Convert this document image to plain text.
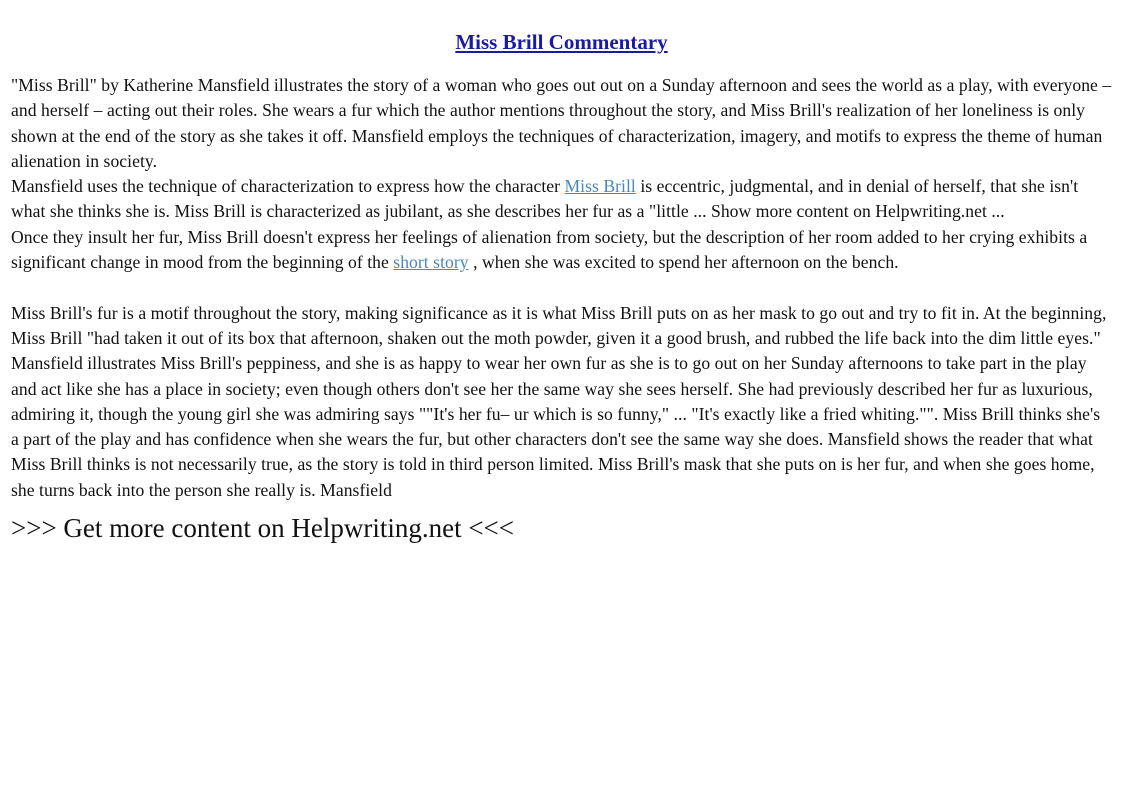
Miss Brill Commentary
"Miss Brill" by Katherine Mansfield illustrates the story of a woman who goes out out on a Sunday afternoon and sees the world as a play, with everyone – and herself – acting out their roles. She wears a fur which the author mentions throughout the story, and Miss Brill's realization of her loneliness is only shown at the end of the story as she takes it off. Mansfield employs the techniques of characterization, imagery, and motifs to express the theme of human alienation in society.
Mansfield uses the technique of characterization to express how the character Miss Brill is eccentric, judgmental, and in denial of herself, that she isn't what she thinks she is. Miss Brill is characterized as jubilant, as she describes her fur as a "little ... Show more content on Helpwriting.net ...
Once they insult her fur, Miss Brill doesn't express her feelings of alienation from society, but the description of her room added to her crying exhibits a significant change in mood from the beginning of the short story , when she was excited to spend her afternoon on the bench.
Miss Brill's fur is a motif throughout the story, making significance as it is what Miss Brill puts on as her mask to go out and try to fit in. At the beginning, Miss Brill "had taken it out of its box that afternoon, shaken out the moth powder, given it a good brush, and rubbed the life back into the dim little eyes." Mansfield illustrates Miss Brill's peppiness, and she is as happy to wear her own fur as she is to go out on her Sunday afternoons to take part in the play and act like she has a place in society; even though others don't see her the same way she sees herself. She had previously described her fur as luxurious, admiring it, though the young girl she was admiring says ""It's her fu– ur which is so funny," ... "It's exactly like a fried whiting."". Miss Brill thinks she's a part of the play and has confidence when she wears the fur, but other characters don't see the same way she does. Mansfield shows the reader that what Miss Brill thinks is not necessarily true, as the story is told in third person limited. Miss Brill's mask that she puts on is her fur, and when she goes home, she turns back into the person she really is. Mansfield
>>> Get more content on Helpwriting.net <<<
